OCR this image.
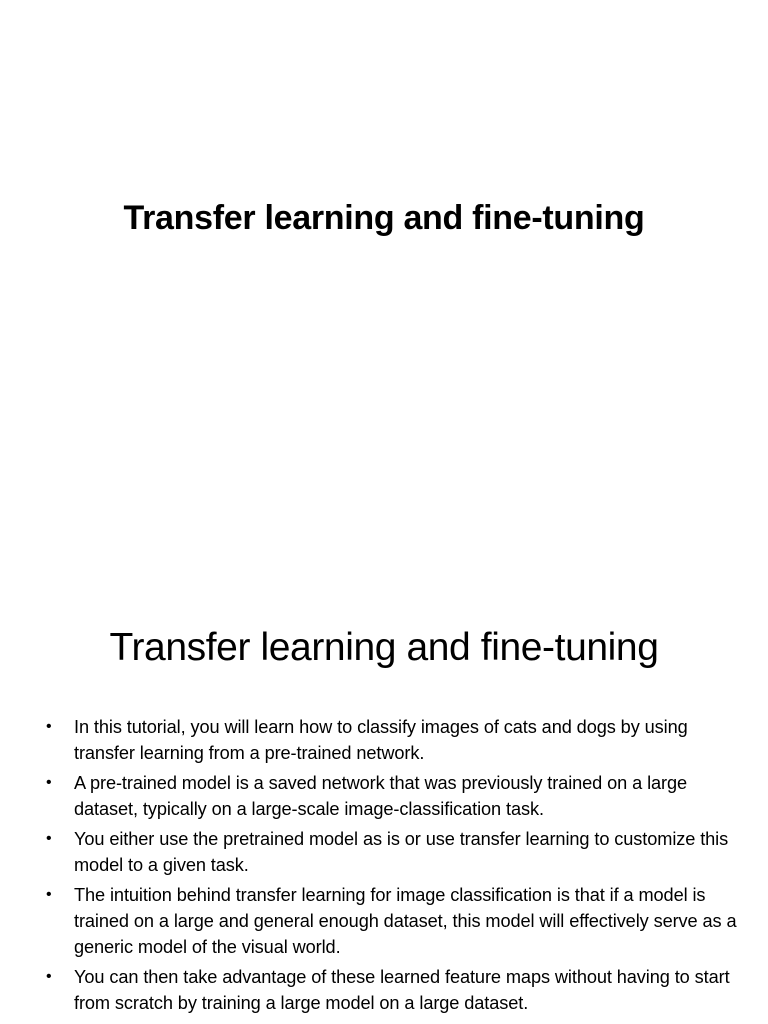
Transfer learning and fine-tuning
Transfer learning and fine-tuning
•	In this tutorial, you will learn how to classify images of cats and dogs by using transfer learning from a pre-trained network.
•	A pre-trained model is a saved network that was previously trained on a large dataset, typically on a large-scale image-classification task.
•	You either use the pretrained model as is or use transfer learning to customize this model to a given task.
•	The intuition behind transfer learning for image classification is that if a model is trained on a large and general enough dataset, this model will effectively serve as a generic model of the visual world.
•	You can then take advantage of these learned feature maps without having to start from scratch by training a large model on a large dataset.
